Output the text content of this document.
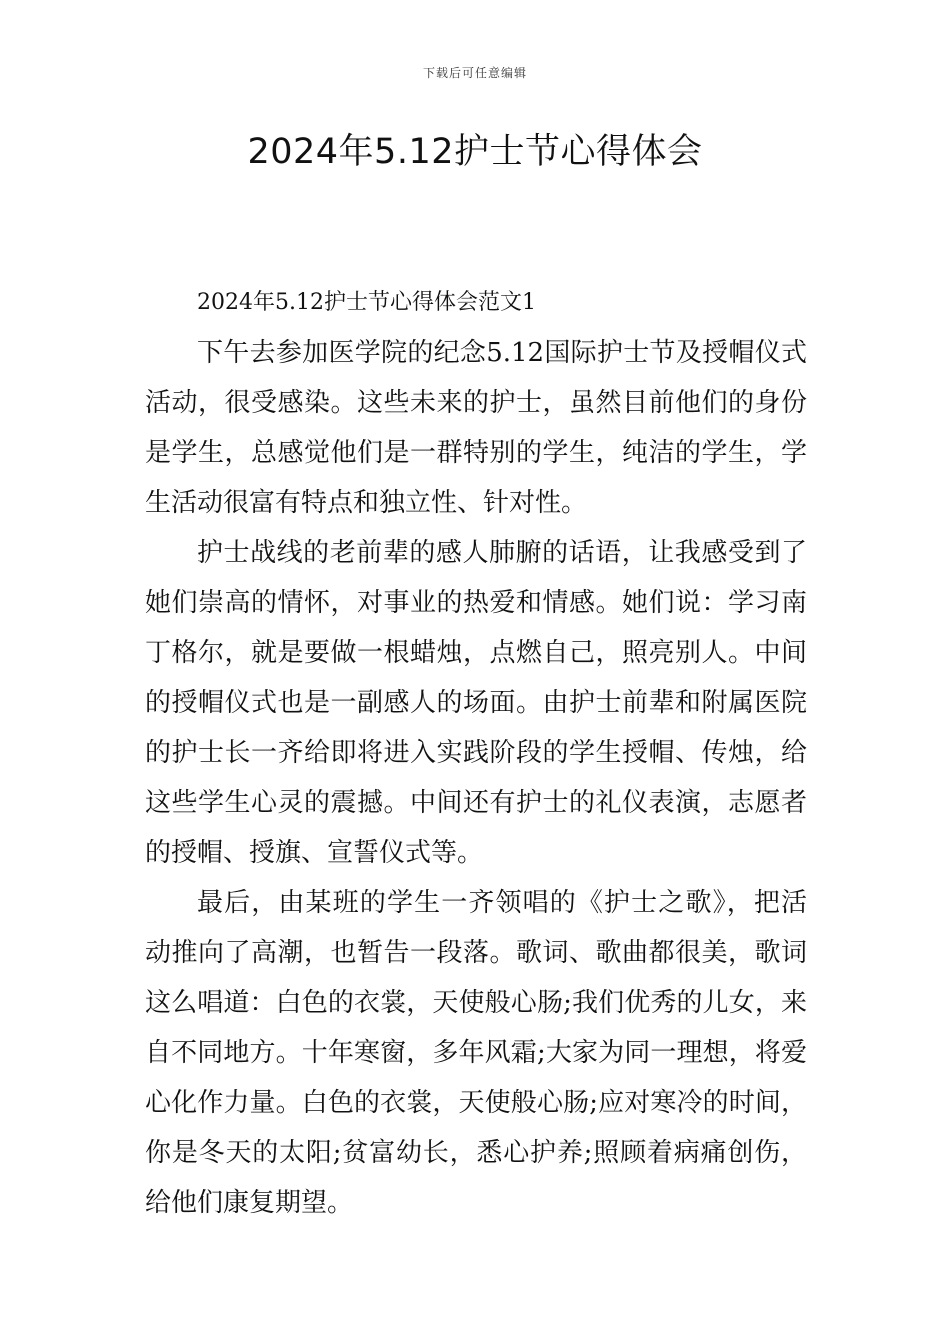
下载后可任意编辑
2024年5.12护士节心得体会
2024年5.12护士节心得体会范文1

下午去参加医学院的纪念5.12国际护士节及授帽仪式活动，很受感染。这些未来的护士，虽然目前他们的身份是学生，总感觉他们是一群特别的学生，纯洁的学生，学生活动很富有特点和独立性、针对性。

护士战线的老前辈的感人肺腑的话语，让我感受到了她们崇高的情怀，对事业的热爱和情感。她们说：学习南丁格尔，就是要做一根蜡烛，点燃自己，照亮别人。中间的授帽仪式也是一副感人的场面。由护士前辈和附属医院的护士长一齐给即将进入实践阶段的学生授帽、传烛，给这些学生心灵的震撼。中间还有护士的礼仪表演，志愿者的授帽、授旗、宣誓仪式等。

最后，由某班的学生一齐领唱的《护士之歌》，把活动推向了高潮，也暂告一段落。歌词、歌曲都很美，歌词这么唱道：白色的衣裳，天使般心肠;我们优秀的儿女，来自不同地方。十年寒窗，多年风霜;大家为同一理想，将爱心化作力量。白色的衣裳，天使般心肠;应对寒冷的时间，你是冬天的太阳;贫富幼长，悉心护养;照顾着病痛创伤，给他们康复期望。
